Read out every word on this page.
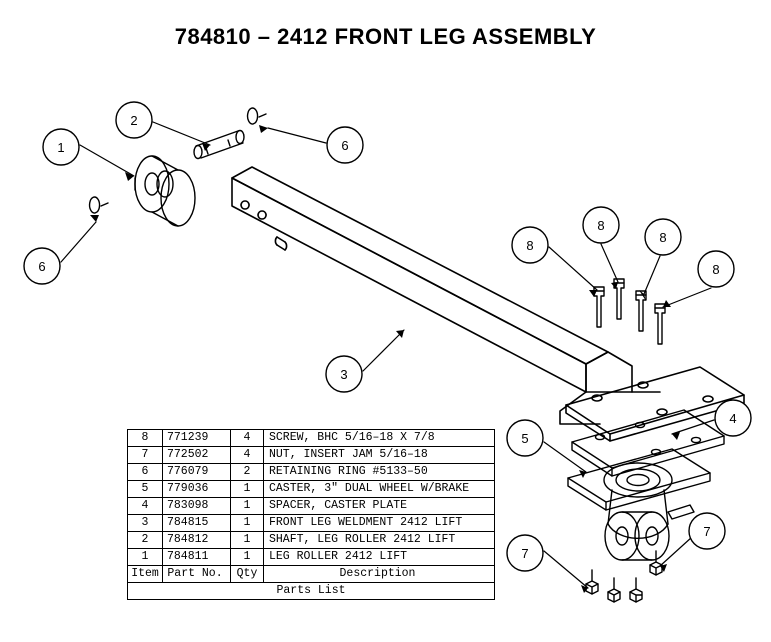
784810 – 2412 FRONT LEG ASSEMBLY
1
2
6
6
3
8
8
8
8
4
5
7
7
8	771239	4	SCREW, BHC 5/16–18 X 7/8
7	772502	4	NUT, INSERT JAM 5/16–18
6	776079	2	RETAINING RING #5133–50
5	779036	1	CASTER, 3" DUAL WHEEL W/BRAKE
4	783098	1	SPACER, CASTER PLATE
3	784815	1	FRONT LEG WELDMENT 2412 LIFT
2	784812	1	SHAFT, LEG ROLLER 2412 LIFT
1	784811	1	LEG ROLLER 2412 LIFT
Item	Part No.	Qty	Description
Parts List			
